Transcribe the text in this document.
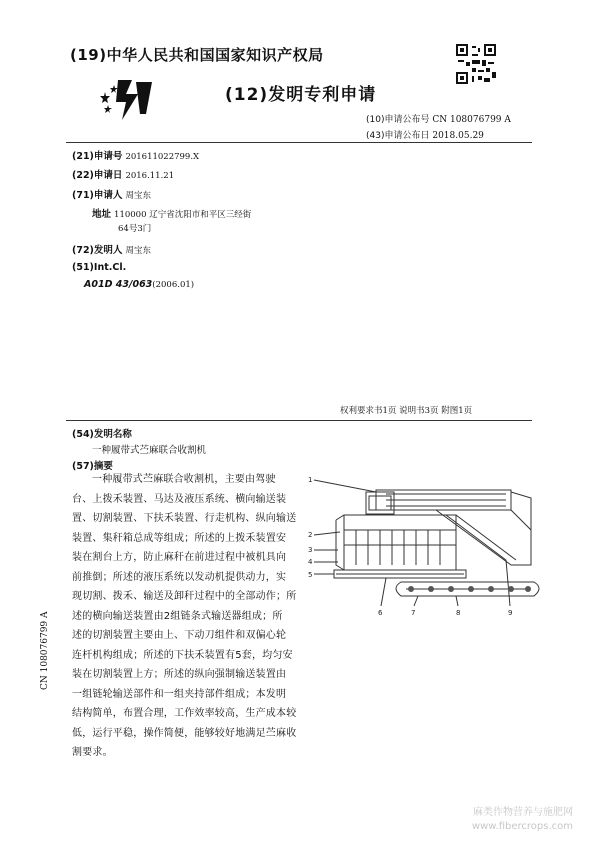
(19)中华人民共和国国家知识产权局
(12)发明专利申请
(10)申请公布号 CN 108076799 A
(43)申请公布日 2018.05.29
(21)申请号 201611022799.X
(22)申请日 2016.11.21
(71)申请人 周宝东
地址 110000 辽宁省沈阳市和平区三经街
64号3门
(72)发明人 周宝东
(51)Int.Cl.
A01D 43/063(2006.01)
权利要求书1页 说明书3页 附图1页
(54)发明名称
一种履带式苎麻联合收割机
(57)摘要
一种履带式苎麻联合收割机，主要由驾驶
台、上拨禾装置、马达及液压系统、横向输送装
置、切割装置、下扶禾装置、行走机构、纵向输送
装置、集秆箱总成等组成；所述的上拨禾装置安
装在割台上方，防止麻秆在前进过程中被机具向
前推倒；所述的液压系统以发动机提供动力，实
现切割、拨禾、输送及卸秆过程中的全部动作；所
述的横向输送装置由2组链条式输送器组成；所
述的切割装置主要由上、下动刀组件和双偏心轮
连杆机构组成；所述的下扶禾装置有5套，均匀安
装在切割装置上方；所述的纵向强制输送装置由
一组链轮输送部件和一组夹持部件组成；本发明
结构简单，布置合理，工作效率较高，生产成本较
低，运行平稳，操作简便，能够较好地满足苎麻收
割要求。
1
2
3
4
5
6	7	8	9
CN 108076799 A
麻类作物营养与施肥网
www.fibercrops.com
